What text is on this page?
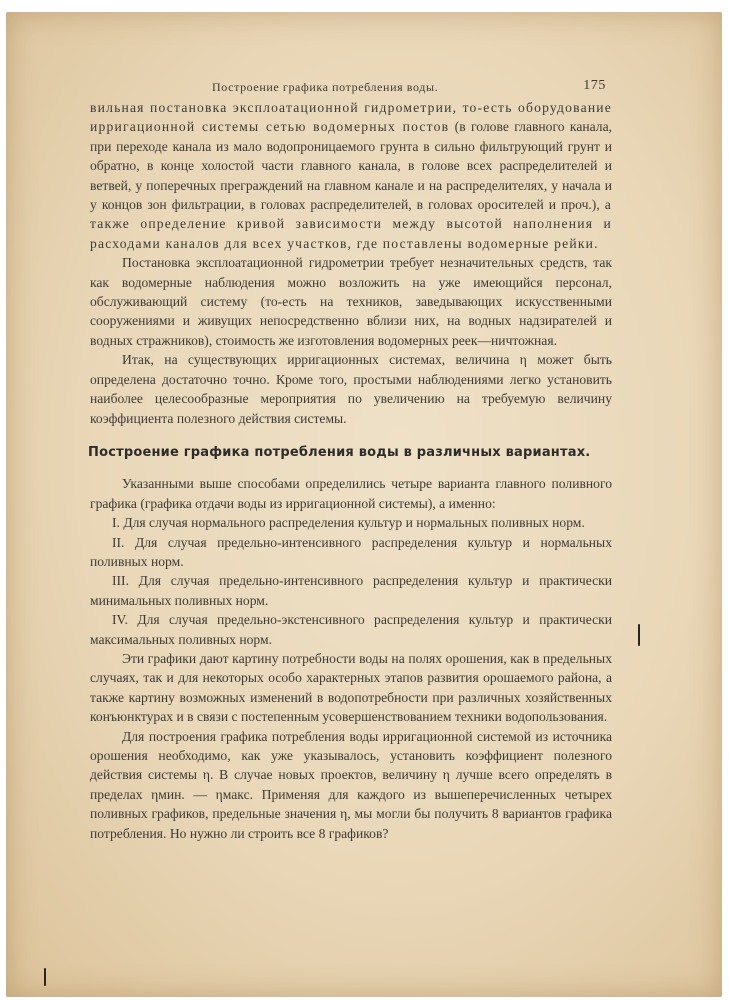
Построение графика потребления воды.	175

вильная постановка эксплоатационной гидрометрии, то-есть оборудование ирригационной системы сетью водомерных постов (в голове главного канала, при переходе канала из мало водопроницаемого грунта в сильно фильтрующий грунт и обратно, в конце холостой части главного канала, в голове всех распределителей и ветвей, у поперечных преграждений на главном канале и на распределителях, у начала и у концов зон фильтрации, в головах распределителей, в головах оросителей и проч.), а также определение кривой зависимости между высотой наполнения и расходами каналов для всех участков, где поставлены водомерные рейки.

Постановка эксплоатационной гидрометрии требует незначительных средств, так как водомерные наблюдения можно возложить на уже имеющийся персонал, обслуживающий систему (то-есть на техников, заведывающих искусственными сооружениями и живущих непосредственно вблизи них, на водных надзирателей и водных стражников), стоимость же изготовления водомерных реек—ничтожная.

Итак, на существующих ирригационных системах, величина η может быть определена достаточно точно. Кроме того, простыми наблюдениями легко установить наиболее целесообразные мероприятия по увеличению на требуемую величину коэффициента полезного действия системы.

Построение графика потребления воды в различных вариантах.

Указанными выше способами определились четыре варианта главного поливного графика (графика отдачи воды из ирригационной системы), а именно:

I. Для случая нормального распределения культур и нормальных поливных норм.

II. Для случая предельно-интенсивного распределения культур и нормальных поливных норм.

III. Для случая предельно-интенсивного распределения культур и практически минимальных поливных норм.

IV. Для случая предельно-экстенсивного распределения культур и практически максимальных поливных норм.

Эти графики дают картину потребности воды на полях орошения, как в предельных случаях, так и для некоторых особо характерных этапов развития орошаемого района, а также картину возможных изменений в водопотребности при различных хозяйственных конъюнктурах и в связи с постепенным усовершенствованием техники водопользования.

Для построения графика потребления воды ирригационной системой из источника орошения необходимо, как уже указывалось, установить коэффициент полезного действия системы η. В случае новых проектов, величину η лучше всего определять в пределах ηмин. — ηмакс. Применяя для каждого из вышеперечисленных четырех поливных графиков, предельные значения η, мы могли бы получить 8 вариантов графика потребления. Но нужно ли строить все 8 графиков?
